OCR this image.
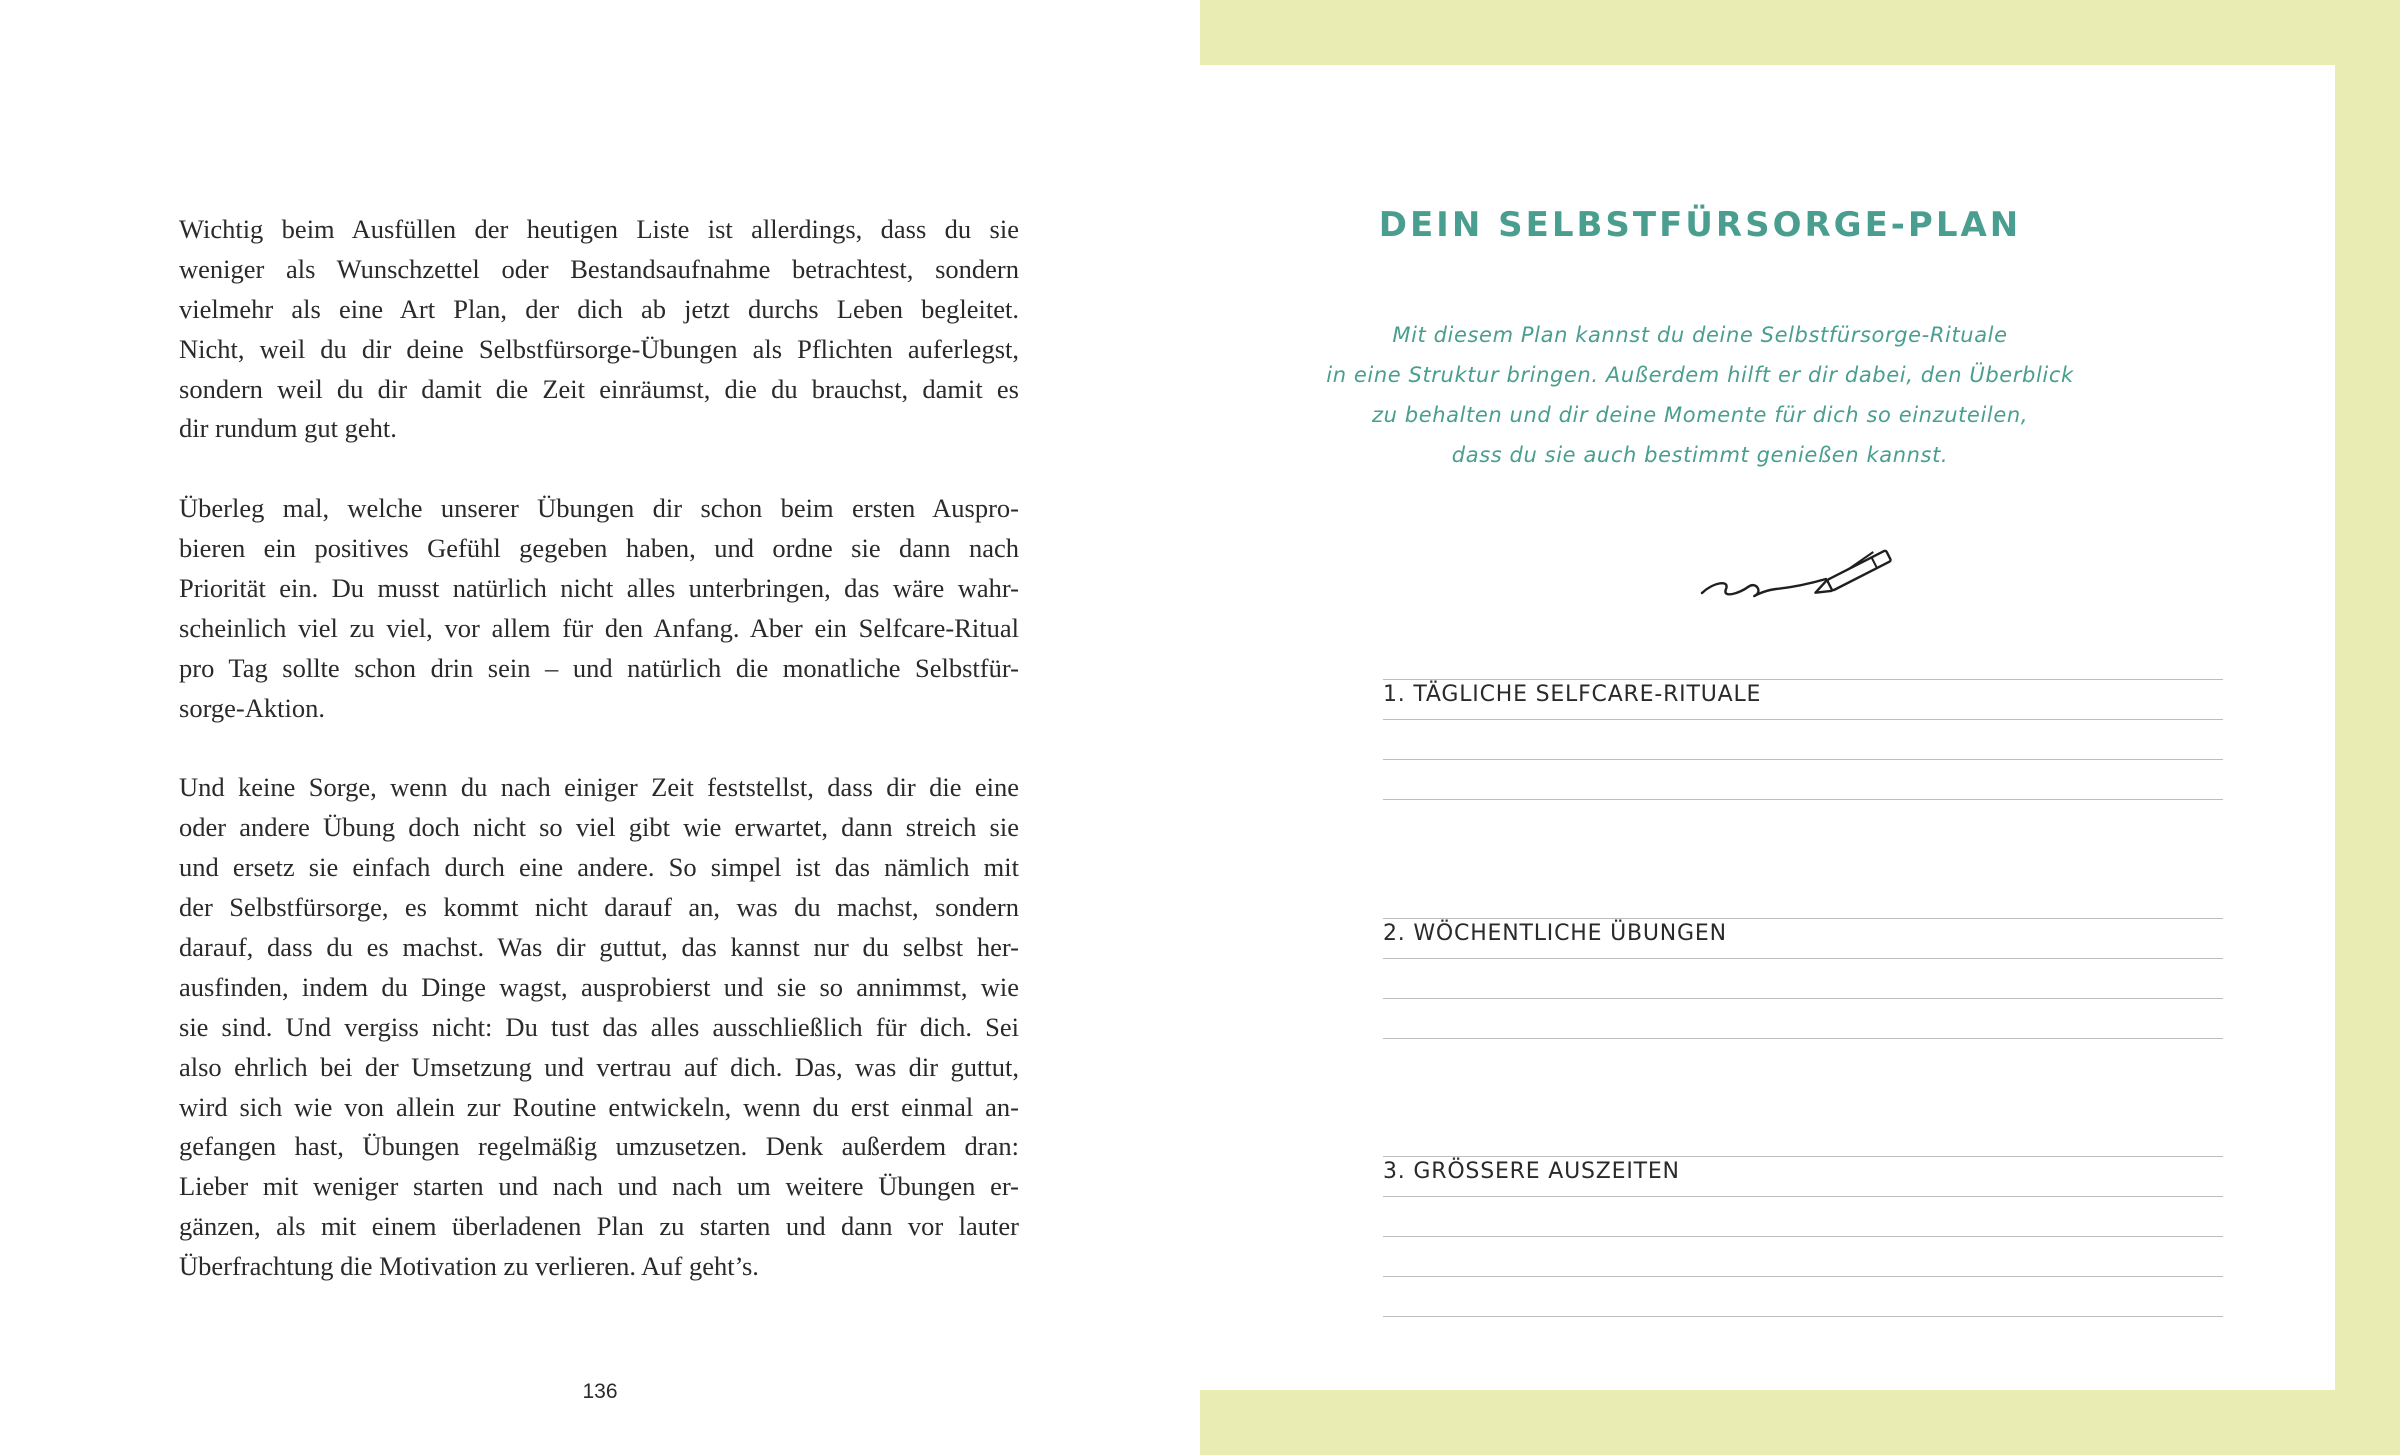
Wichtig beim Ausfüllen der heutigen Liste ist allerdings, dass du sie
weniger als Wunschzettel oder Bestandsaufnahme betrachtest, sondern
vielmehr als eine Art Plan, der dich ab jetzt durchs Leben begleitet.
Nicht, weil du dir deine Selbstfürsorge-Übungen als Pflichten auferlegst,
sondern weil du dir damit die Zeit einräumst, die du brauchst, damit es
dir rundum gut geht.
Überleg mal, welche unserer Übungen dir schon beim ersten Auspro-
bieren ein positives Gefühl gegeben haben, und ordne sie dann nach
Priorität ein. Du musst natürlich nicht alles unterbringen, das wäre wahr-
scheinlich viel zu viel, vor allem für den Anfang. Aber ein Selfcare-Ritual
pro Tag sollte schon drin sein – und natürlich die monatliche Selbstfür-
sorge-Aktion.
Und keine Sorge, wenn du nach einiger Zeit feststellst, dass dir die eine
oder andere Übung doch nicht so viel gibt wie erwartet, dann streich sie
und ersetz sie einfach durch eine andere. So simpel ist das nämlich mit
der Selbstfürsorge, es kommt nicht darauf an, was du machst, sondern
darauf, dass du es machst. Was dir guttut, das kannst nur du selbst her-
ausfinden, indem du Dinge wagst, ausprobierst und sie so annimmst, wie
sie sind. Und vergiss nicht: Du tust das alles ausschließlich für dich. Sei
also ehrlich bei der Umsetzung und vertrau auf dich. Das, was dir guttut,
wird sich wie von allein zur Routine entwickeln, wenn du erst einmal an-
gefangen hast, Übungen regelmäßig umzusetzen. Denk außerdem dran:
Lieber mit weniger starten und nach und nach um weitere Übungen er-
gänzen, als mit einem überladenen Plan zu starten und dann vor lauter
Überfrachtung die Motivation zu verlieren. Auf geht’s.
136
DEIN SELBSTFÜRSORGE-PLAN
Mit diesem Plan kannst du deine Selbstfürsorge-Rituale
in eine Struktur bringen. Außerdem hilft er dir dabei, den Überblick
zu behalten und dir deine Momente für dich so einzuteilen,
dass du sie auch bestimmt genießen kannst.
1. TÄGLICHE SELFCARE-RITUALE
2. WÖCHENTLICHE ÜBUNGEN
3. GRÖSSERE AUSZEITEN
